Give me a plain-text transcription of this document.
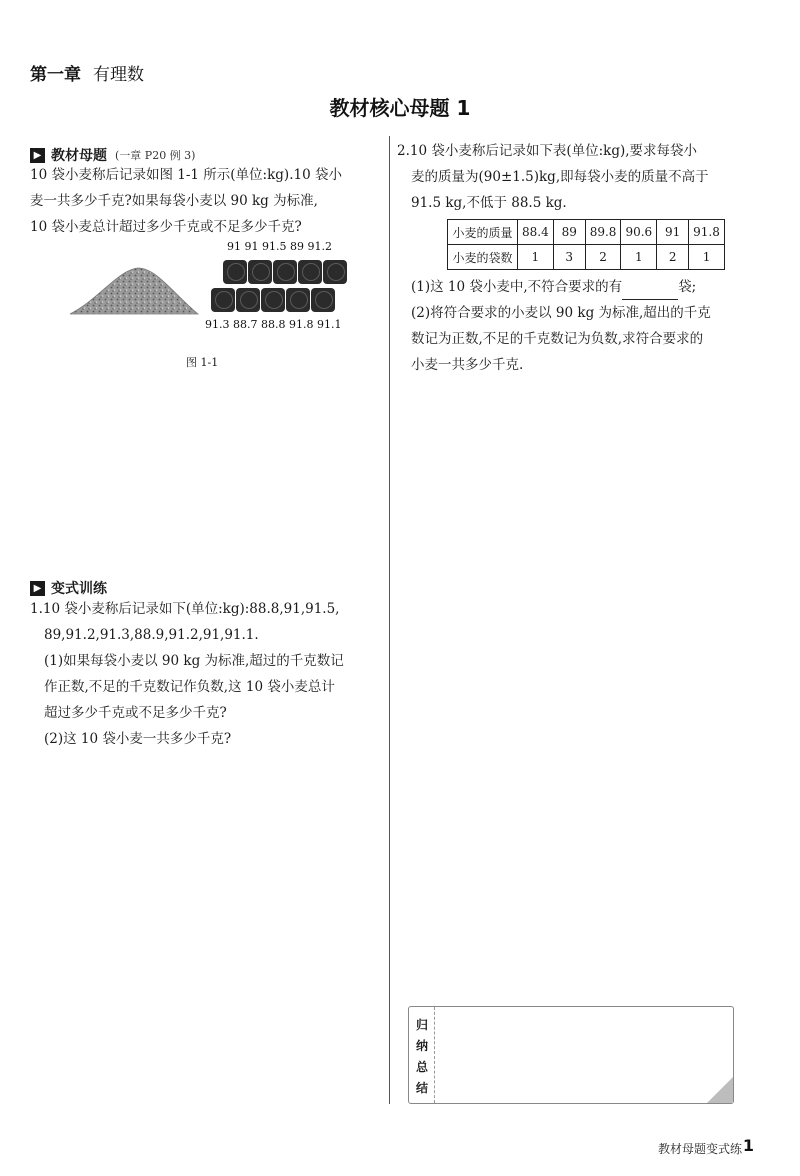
第一章 有理数
教材核心母题 1
▶ 教材母题 (一章 P20 例 3)
10 袋小麦称后记录如图 1-1 所示(单位:kg).10 袋小
麦一共多少千克?如果每袋小麦以 90 kg 为标准,
10 袋小麦总计超过多少千克或不足多少千克?
91 91 91.5 89 91.2
91.3 88.7 88.8 91.8 91.1
图 1-1
▶ 变式训练
1.10 袋小麦称后记录如下(单位:kg):88.8,91,91.5,
89,91.2,91.3,88.9,91.2,91,91.1.
(1)如果每袋小麦以 90 kg 为标准,超过的千克数记
作正数,不足的千克数记作负数,这 10 袋小麦总计
超过多少千克或不足多少千克?
(2)这 10 袋小麦一共多少千克?
2.10 袋小麦称后记录如下表(单位:kg),要求每袋小
麦的质量为(90±1.5)kg,即每袋小麦的质量不高于
91.5 kg,不低于 88.5 kg.
小麦的质量	88.4	89	89.8	90.6	91	91.8
小麦的袋数	1	3	2	1	2	1
(1)这 10 袋小麦中,不符合要求的有	袋;
(2)将符合要求的小麦以 90 kg 为标准,超出的千克
数记为正数,不足的千克数记为负数,求符合要求的
小麦一共多少千克.
归
纳
总
结
教材母题变式练 1
